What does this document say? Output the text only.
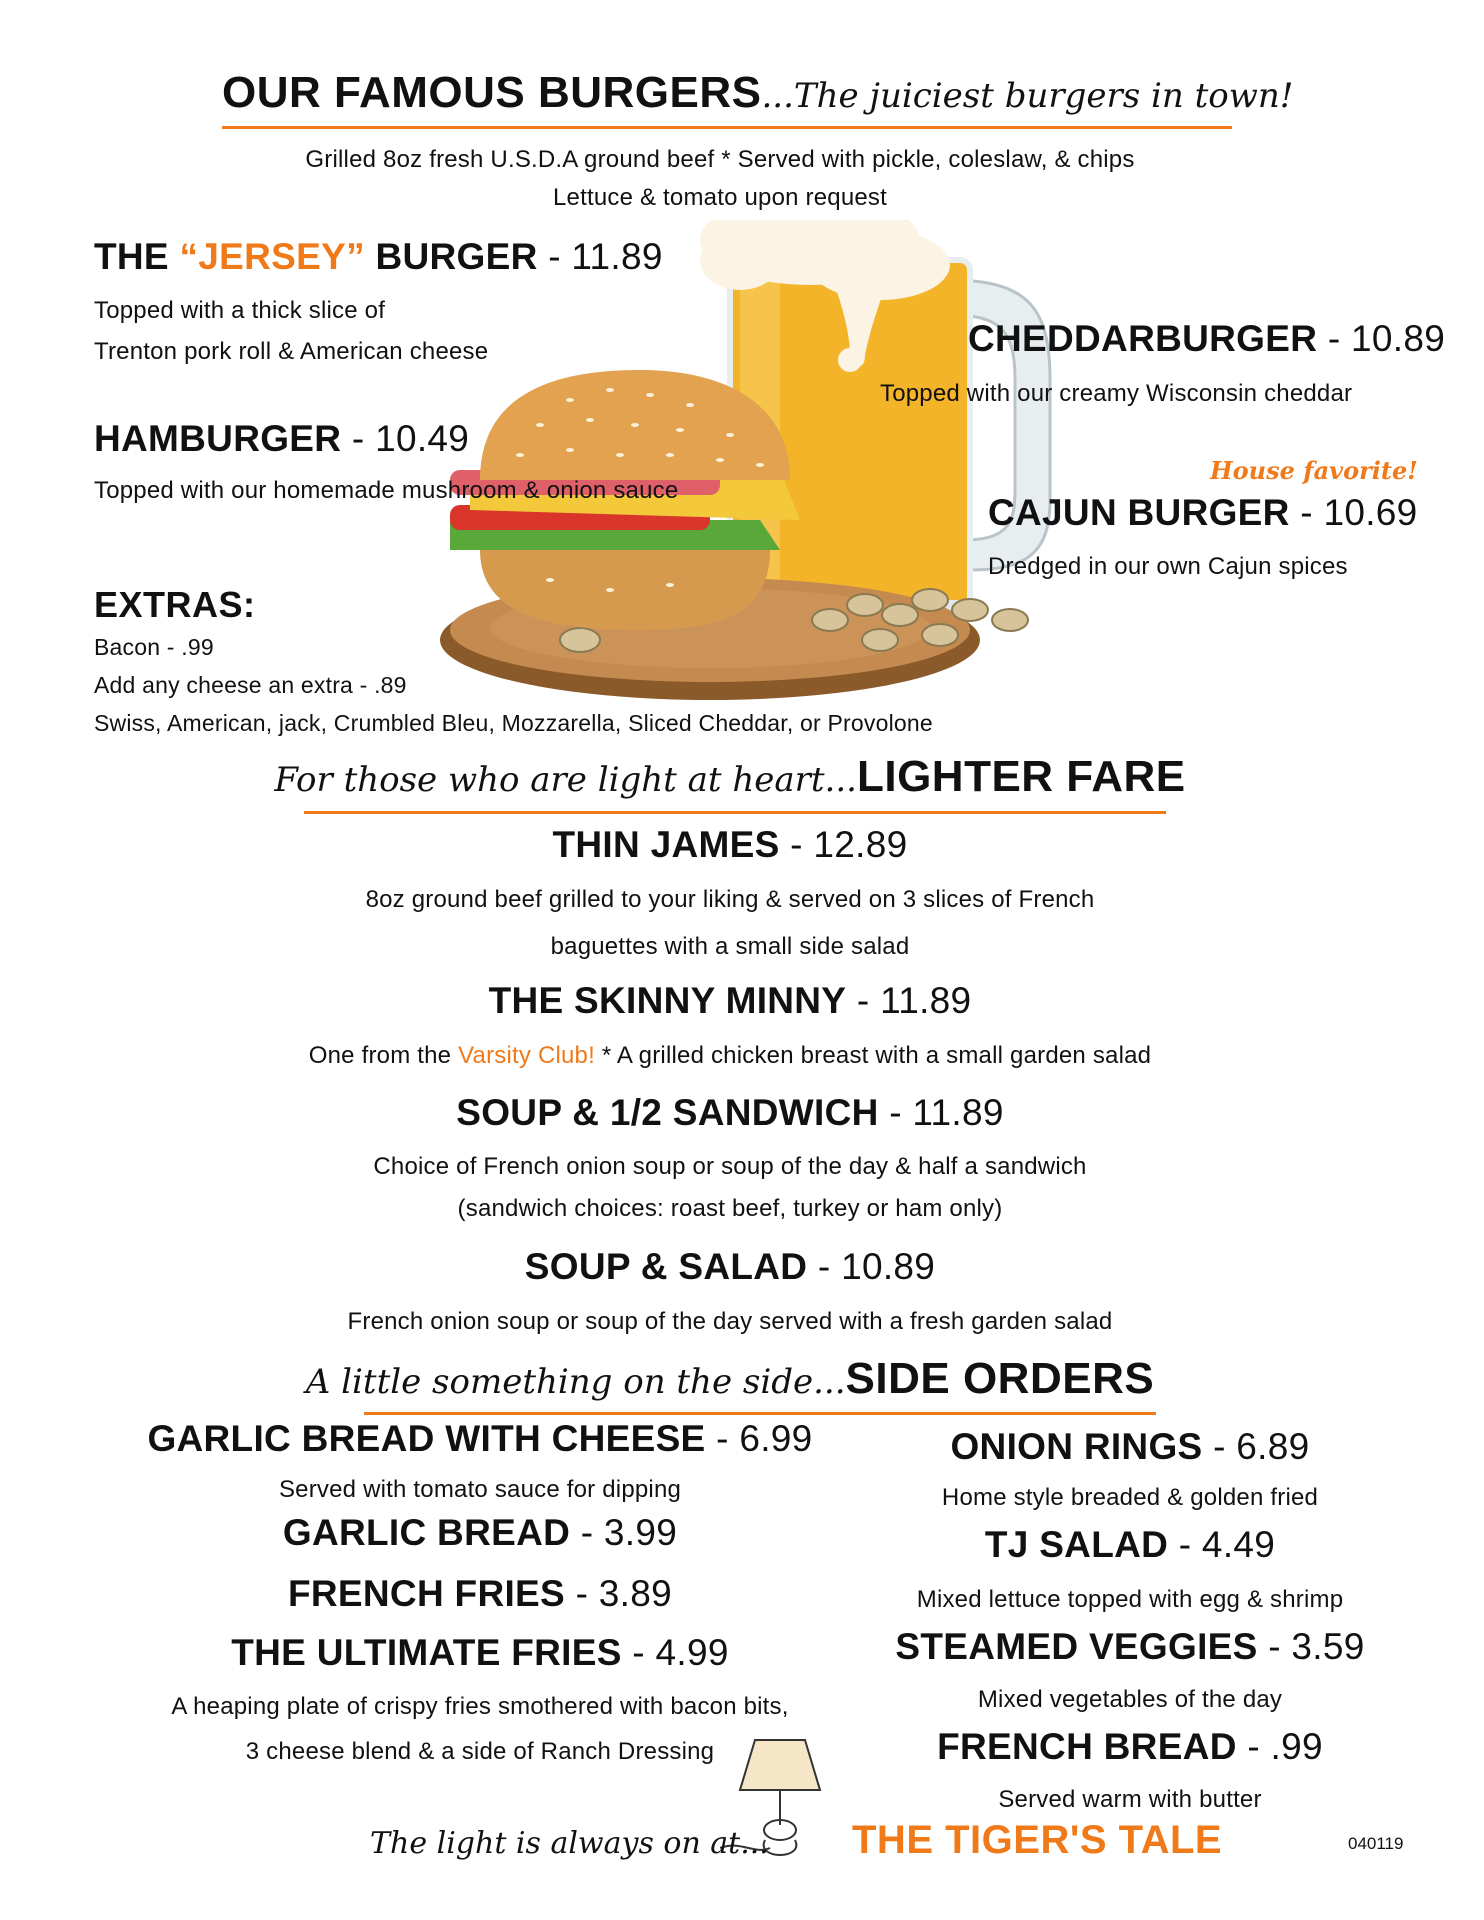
OUR FAMOUS BURGERS...The juiciest burgers in town!
Grilled 8oz fresh U.S.D.A ground beef * Served with pickle, coleslaw, & chips
Lettuce & tomato upon request
THE “JERSEY” BURGER - 11.89
Topped with a thick slice of
Trenton pork roll & American cheese
HAMBURGER - 10.49
Topped with our homemade mushroom & onion sauce
EXTRAS:
Bacon - .99
Add any cheese an extra - .89
Swiss, American, jack, Crumbled Bleu, Mozzarella, Sliced Cheddar, or Provolone
CHEDDARBURGER - 10.89
Topped with our creamy Wisconsin cheddar
House favorite!
CAJUN BURGER - 10.69
Dredged in our own Cajun spices
For those who are light at heart...LIGHTER FARE
THIN JAMES - 12.89
8oz ground beef grilled to your liking & served on 3 slices of French
baguettes with a small side salad
THE SKINNY MINNY - 11.89
One from the Varsity Club! * A grilled chicken breast with a small garden salad
SOUP & 1/2 SANDWICH - 11.89
Choice of French onion soup or soup of the day & half a sandwich
(sandwich choices: roast beef, turkey or ham only)
SOUP & SALAD - 10.89
French onion soup or soup of the day served with a fresh garden salad
A little something on the side...SIDE ORDERS
GARLIC BREAD WITH CHEESE - 6.99
Served with tomato sauce for dipping
GARLIC BREAD - 3.99
FRENCH FRIES - 3.89
THE ULTIMATE FRIES - 4.99
A heaping plate of crispy fries smothered with bacon bits,
3 cheese blend & a side of Ranch Dressing
ONION RINGS - 6.89
Home style breaded & golden fried
TJ SALAD - 4.49
Mixed lettuce topped with egg & shrimp
STEAMED VEGGIES - 3.59
Mixed vegetables of the day
FRENCH BREAD - .99
Served warm with butter
The light is always on at... THE TIGER'S TALE	040119
